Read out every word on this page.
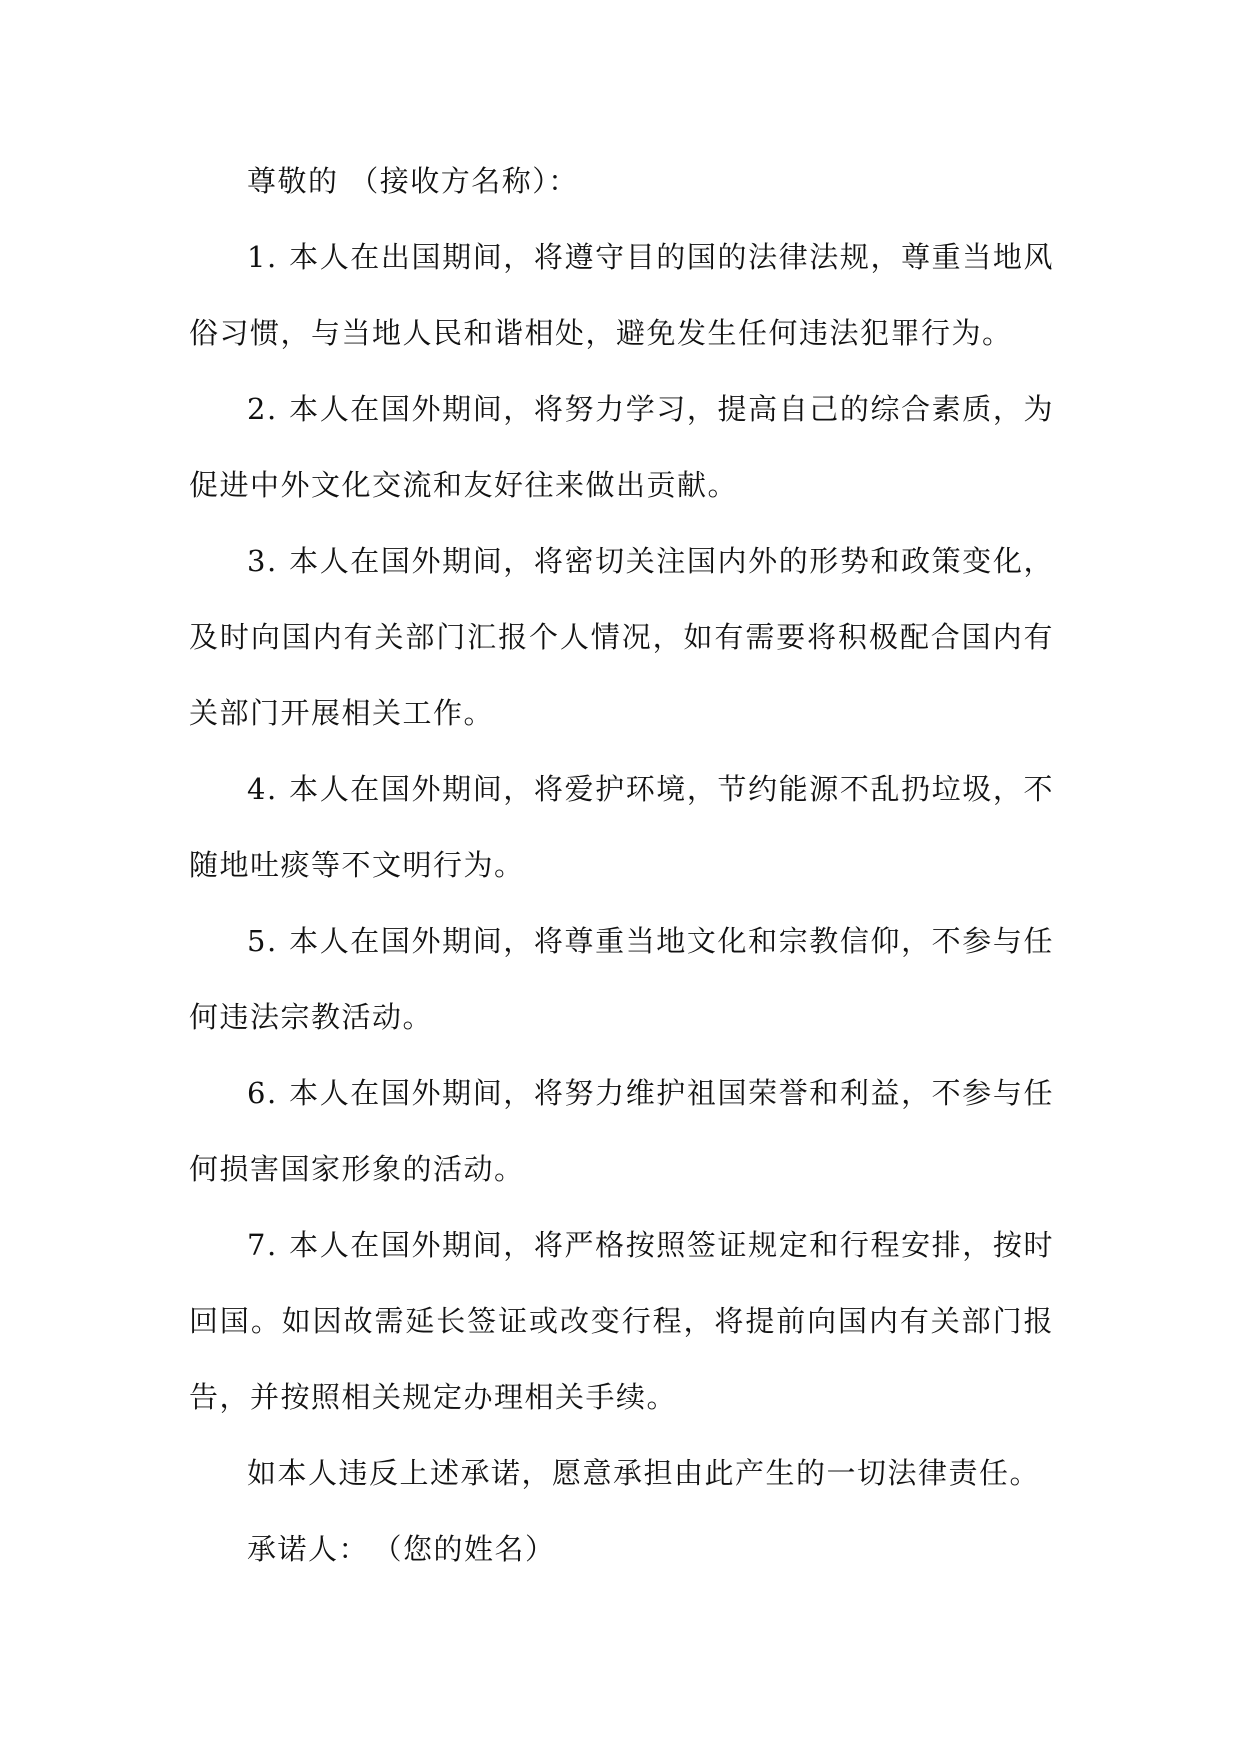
尊敬的 （接收方名称）：

1. 本人在出国期间，将遵守目的国的法律法规，尊重当地风俗习惯，与当地人民和谐相处，避免发生任何违法犯罪行为。

2. 本人在国外期间，将努力学习，提高自己的综合素质，为促进中外文化交流和友好往来做出贡献。

3. 本人在国外期间，将密切关注国内外的形势和政策变化，及时向国内有关部门汇报个人情况，如有需要将积极配合国内有关部门开展相关工作。

4. 本人在国外期间，将爱护环境，节约能源不乱扔垃圾，不随地吐痰等不文明行为。

5. 本人在国外期间，将尊重当地文化和宗教信仰，不参与任何违法宗教活动。

6. 本人在国外期间，将努力维护祖国荣誉和利益，不参与任何损害国家形象的活动。

7. 本人在国外期间，将严格按照签证规定和行程安排，按时回国。如因故需延长签证或改变行程，将提前向国内有关部门报告，并按照相关规定办理相关手续。

如本人违反上述承诺，愿意承担由此产生的一切法律责任。

承诺人： （您的姓名）
